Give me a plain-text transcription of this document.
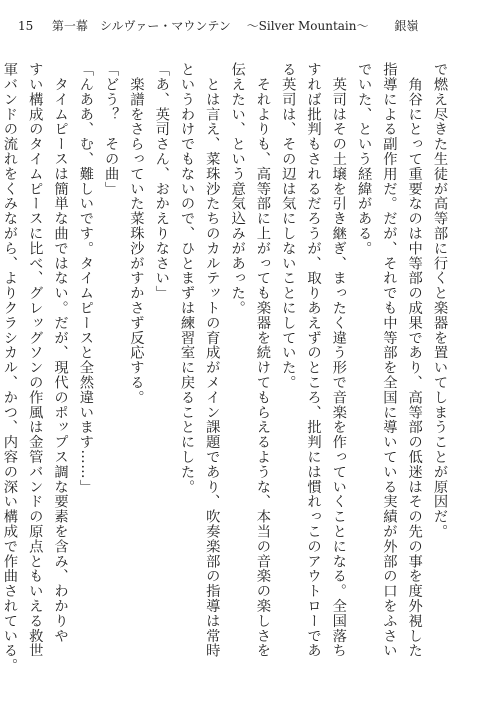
15 第一幕　シルヴァー・マウンテン ～Silver Mountain～ 銀嶺

で燃え尽きた生徒が高等部に行くと楽器を置いてしまうことが原因だ。

　角谷にとって重要なのは中等部の成果であり、高等部の低迷はその先の事を度外視した

指導による副作用だ。だが、それでも中等部を全国に導いている実績が外部の口をふさい

でいた、という経緯がある。

　英司はその土壌を引き継ぎ、まったく違う形で音楽を作っていくことになる。全国落ち

すれば批判もされるだろうが、取りあえずのところ、批判には慣れっこのアウトローであ

る英司は、その辺は気にしないことにしていた。

　それよりも、高等部に上がっても楽器を続けてもらえるような、本当の音楽の楽しさを

伝えたい、という意気込みがあった。

　とは言え、菜珠沙たちのカルテットの育成がメイン課題であり、吹奏楽部の指導は常時

というわけでもないので、ひとまずは練習室に戻ることにした。

「あ、英司さん、おかえりなさい」

　楽譜をさらっていた菜珠沙がすかさず反応する。

「どう？　その曲」

「んああ、む、難しいです。タイムピースと全然違います……」

　タイムピースは簡単な曲ではない。だが、現代のポップス調な要素を含み、わかりや

すい構成のタイムピースに比べ、グレッグソンの作風は金管バンドの原点ともいえる救世

軍バンドの流れをくみながら、よりクラシカル、かつ、内容の深い構成で作曲されている。
